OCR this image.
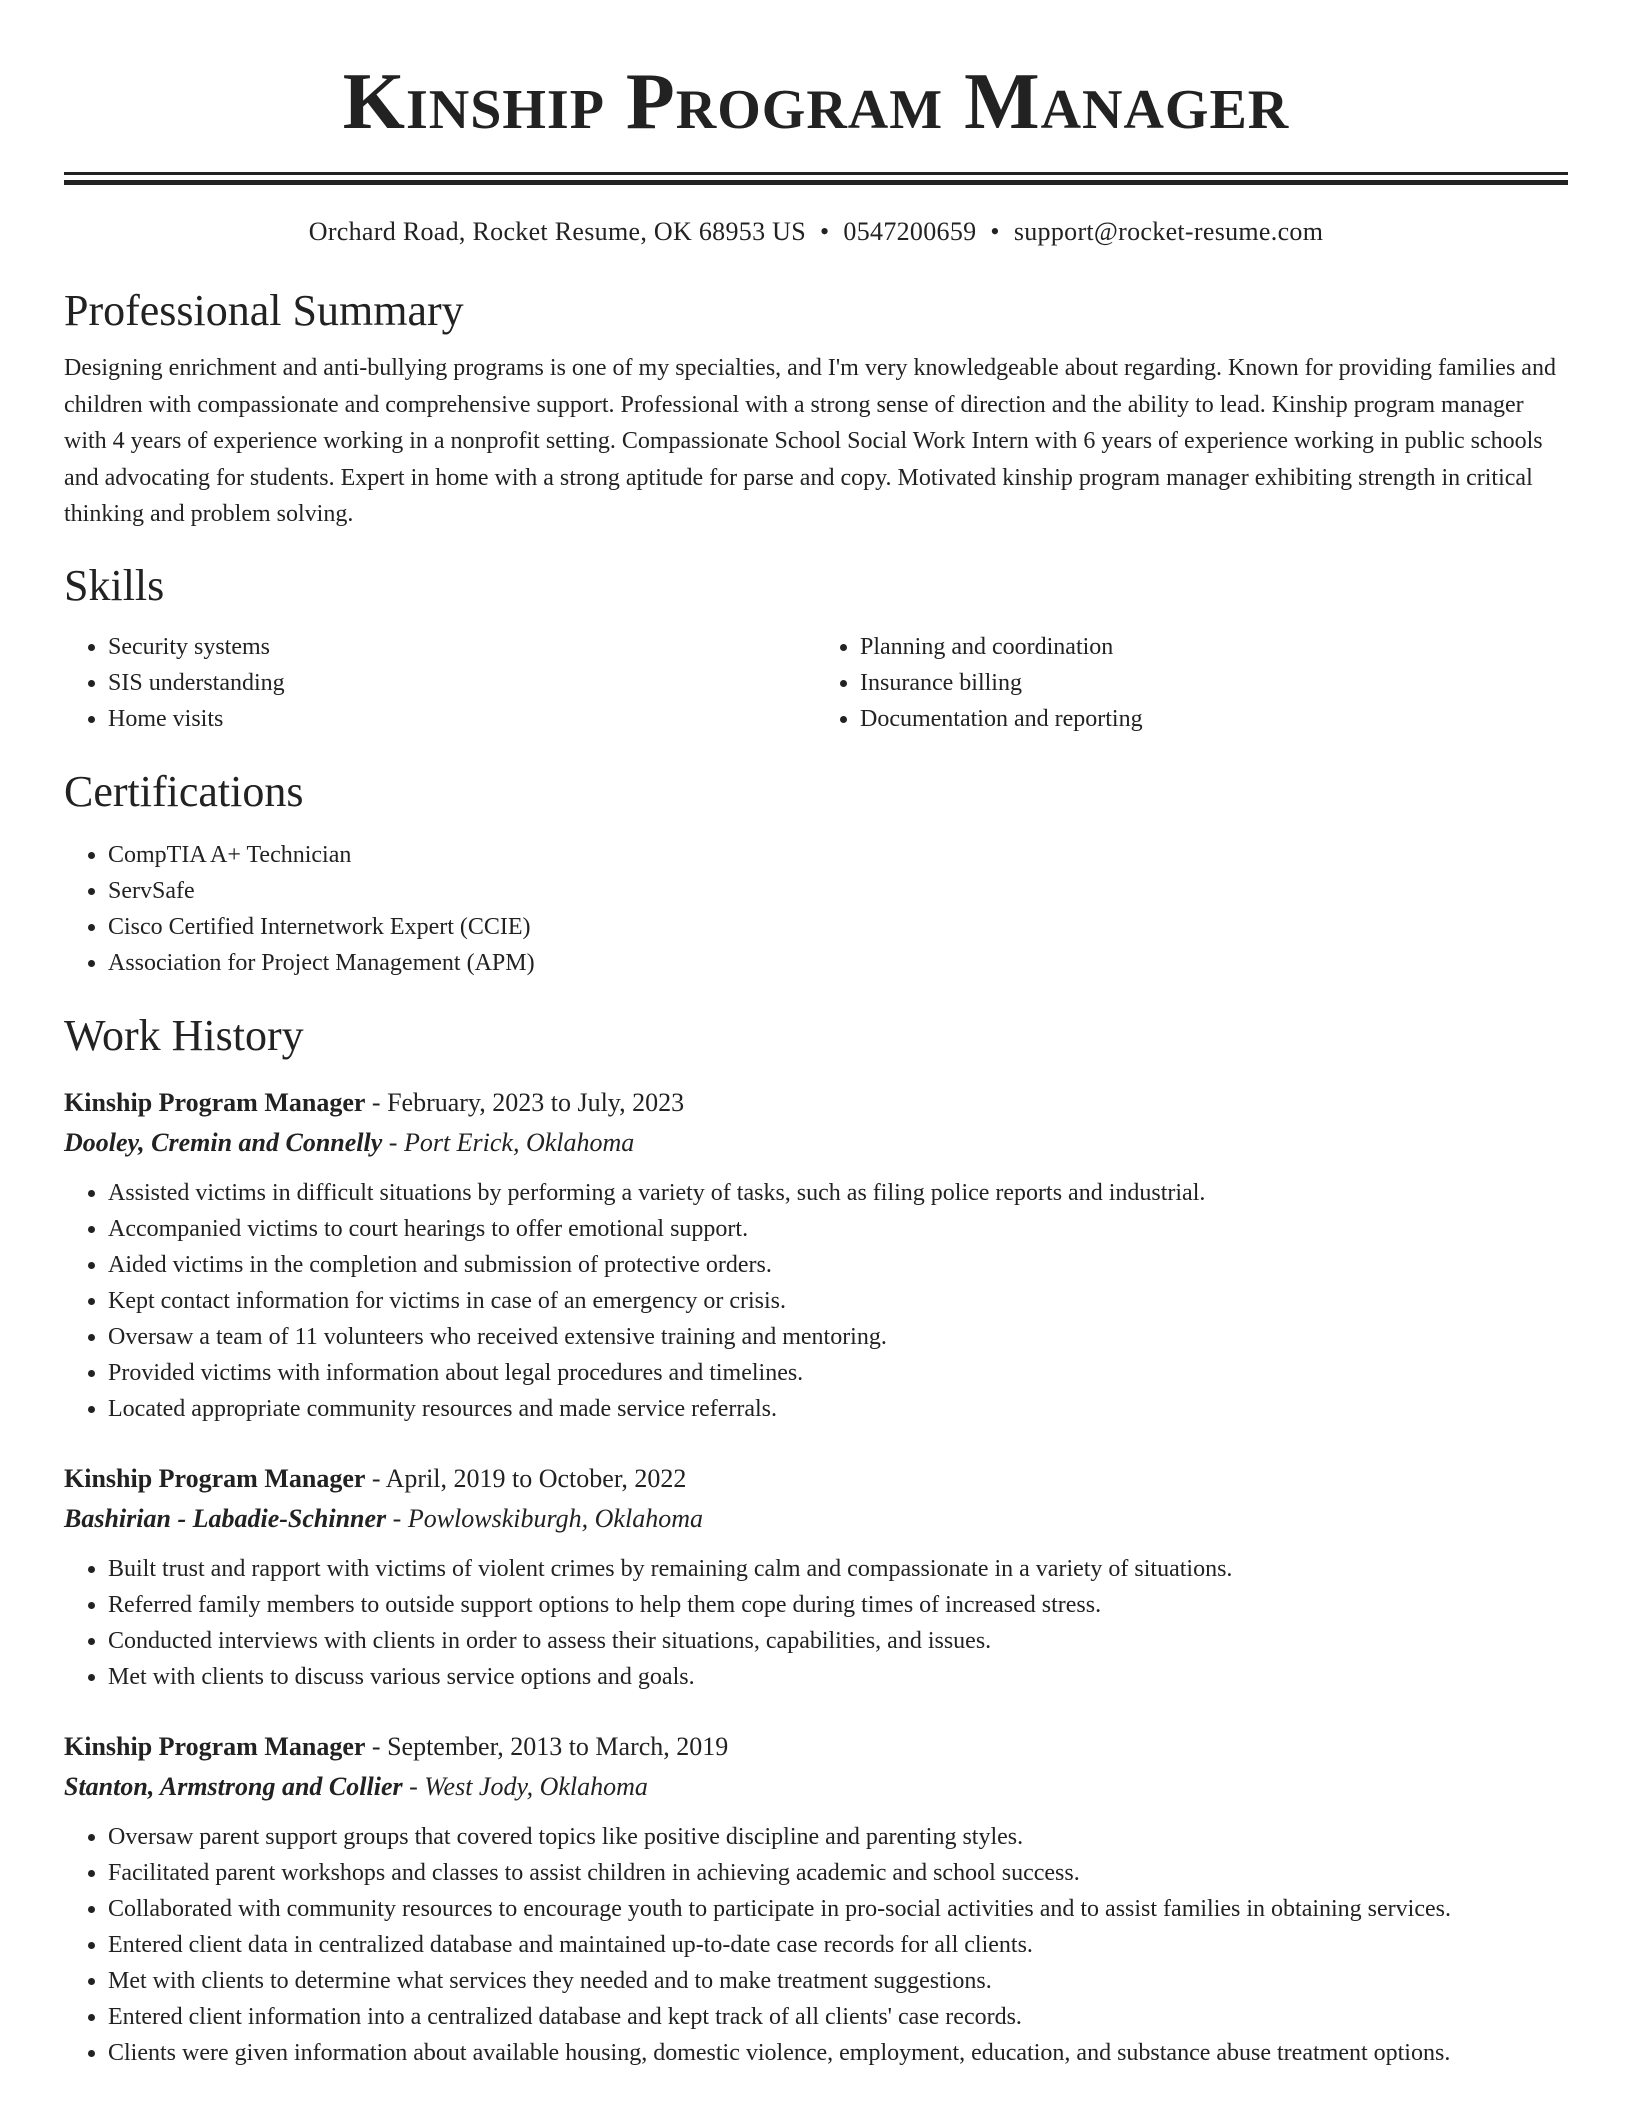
Kinship Program Manager
Orchard Road, Rocket Resume, OK 68953 US • 0547200659 • support@rocket-resume.com
Professional Summary
Designing enrichment and anti-bullying programs is one of my specialties, and I'm very knowledgeable about regarding. Known for providing families and children with compassionate and comprehensive support. Professional with a strong sense of direction and the ability to lead. Kinship program manager with 4 years of experience working in a nonprofit setting. Compassionate School Social Work Intern with 6 years of experience working in public schools and advocating for students. Expert in home with a strong aptitude for parse and copy. Motivated kinship program manager exhibiting strength in critical thinking and problem solving.
Skills
• Security systems
• SIS understanding
• Home visits
• Planning and coordination
• Insurance billing
• Documentation and reporting
Certifications
• CompTIA A+ Technician
• ServSafe
• Cisco Certified Internetwork Expert (CCIE)
• Association for Project Management (APM)
Work History
Kinship Program Manager - February, 2023 to July, 2023
Dooley, Cremin and Connelly - Port Erick, Oklahoma
• Assisted victims in difficult situations by performing a variety of tasks, such as filing police reports and industrial.
• Accompanied victims to court hearings to offer emotional support.
• Aided victims in the completion and submission of protective orders.
• Kept contact information for victims in case of an emergency or crisis.
• Oversaw a team of 11 volunteers who received extensive training and mentoring.
• Provided victims with information about legal procedures and timelines.
• Located appropriate community resources and made service referrals.
Kinship Program Manager - April, 2019 to October, 2022
Bashirian - Labadie-Schinner - Powlowskiburgh, Oklahoma
• Built trust and rapport with victims of violent crimes by remaining calm and compassionate in a variety of situations.
• Referred family members to outside support options to help them cope during times of increased stress.
• Conducted interviews with clients in order to assess their situations, capabilities, and issues.
• Met with clients to discuss various service options and goals.
Kinship Program Manager - September, 2013 to March, 2019
Stanton, Armstrong and Collier - West Jody, Oklahoma
• Oversaw parent support groups that covered topics like positive discipline and parenting styles.
• Facilitated parent workshops and classes to assist children in achieving academic and school success.
• Collaborated with community resources to encourage youth to participate in pro-social activities and to assist families in obtaining services.
• Entered client data in centralized database and maintained up-to-date case records for all clients.
• Met with clients to determine what services they needed and to make treatment suggestions.
• Entered client information into a centralized database and kept track of all clients' case records.
• Clients were given information about available housing, domestic violence, employment, education, and substance abuse treatment options.
